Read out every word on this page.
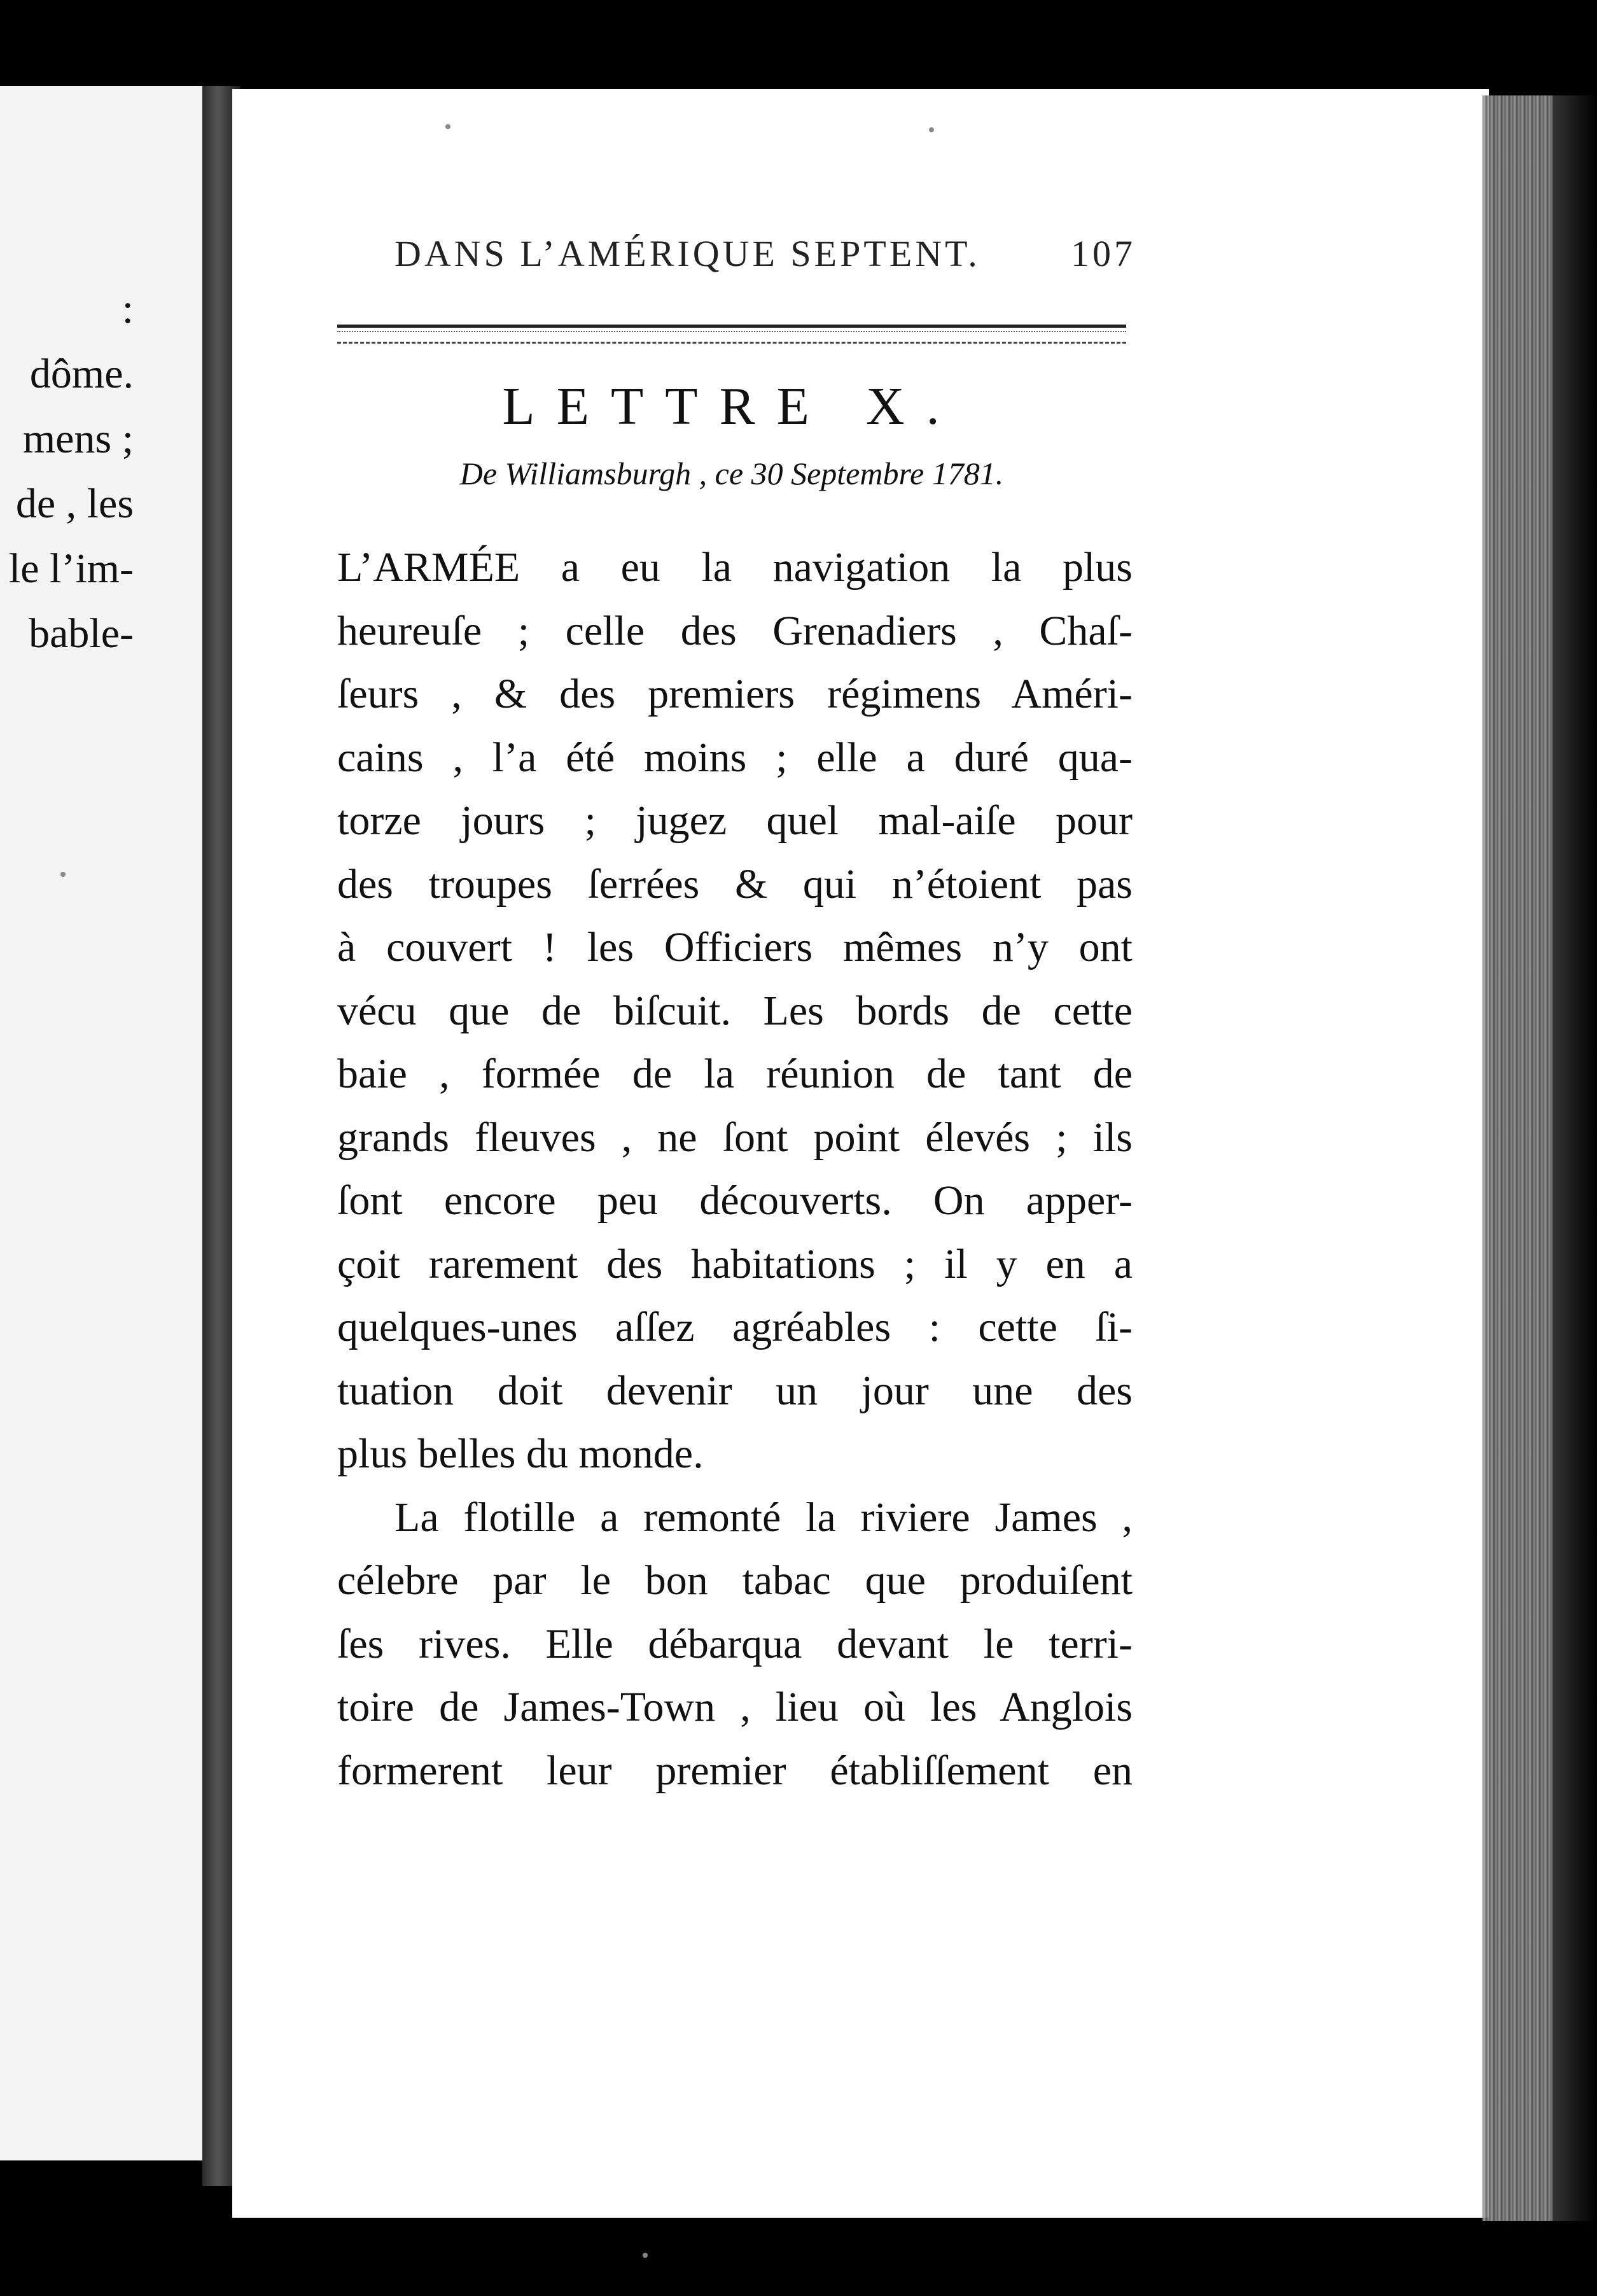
:
dôme.
mens ;
de , les
le l’im-
bable-
DANS L’AMÉRIQUE SEPTENT. 107
LETTRE X.
De Williamsburgh , ce 30 Septembre 1781.
L’ARMÉE a eu la navigation la plus
heureuſe ; celle des Grenadiers , Chaſ-
ſeurs , & des premiers régimens Améri-
cains , l’a été moins ; elle a duré qua-
torze jours ; jugez quel mal-aiſe pour
des troupes ſerrées & qui n’étoient pas
à couvert ! les Officiers mêmes n’y ont
vécu que de biſcuit. Les bords de cette
baie , formée de la réunion de tant de
grands fleuves , ne ſont point élevés ; ils
ſont encore peu découverts. On apper-
çoit rarement des habitations ; il y en a
quelques-unes aſſez agréables : cette ſi-
tuation doit devenir un jour une des
plus belles du monde.
La flotille a remonté la riviere James ,
célebre par le bon tabac que produiſent
ſes rives. Elle débarqua devant le terri-
toire de James-Town , lieu où les Anglois
formerent leur premier établiſſement en
